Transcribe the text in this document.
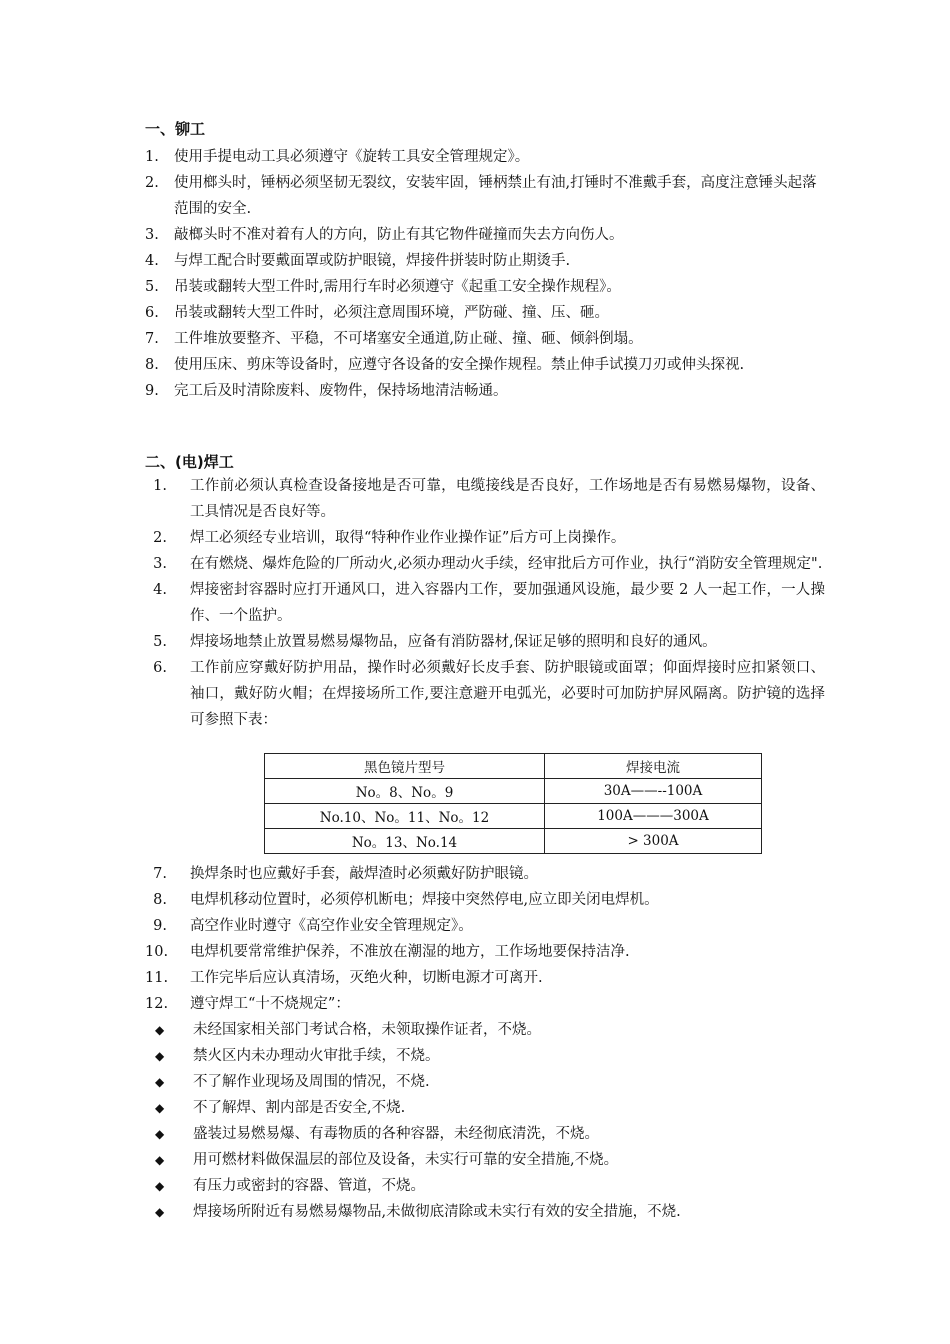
一、铆工
1. 使用手提电动工具必须遵守《旋转工具安全管理规定》。
2. 使用榔头时，锤柄必须坚韧无裂纹，安装牢固，锤柄禁止有油,打锤时不准戴手套，高度注意锤头起落范围的安全.
3. 敲榔头时不准对着有人的方向，防止有其它物件碰撞而失去方向伤人。
4. 与焊工配合时要戴面罩或防护眼镜，焊接件拼装时防止期烫手.
5. 吊装或翻转大型工件时,需用行车时必须遵守《起重工安全操作规程》。
6. 吊装或翻转大型工件时，必须注意周围环境，严防碰、撞、压、砸。
7. 工件堆放要整齐、平稳，不可堵塞安全通道,防止碰、撞、砸、倾斜倒塌。
8. 使用压床、剪床等设备时，应遵守各设备的安全操作规程。禁止伸手试摸刀刃或伸头探视.
9. 完工后及时清除废料、废物件，保持场地清洁畅通。
二、(电)焊工
1. 工作前必须认真检查设备接地是否可靠，电缆接线是否良好，工作场地是否有易燃易爆物，设备、工具情况是否良好等。
2. 焊工必须经专业培训，取得“特种作业作业操作证”后方可上岗操作。
3. 在有燃烧、爆炸危险的厂所动火,必须办理动火手续，经审批后方可作业，执行“消防安全管理规定".
4. 焊接密封容器时应打开通风口，进入容器内工作，要加强通风设施，最少要 2 人一起工作，一人操作、一个监护。
5. 焊接场地禁止放置易燃易爆物品，应备有消防器材,保证足够的照明和良好的通风。
6. 工作前应穿戴好防护用品，操作时必须戴好长皮手套、防护眼镜或面罩；仰面焊接时应扣紧领口、袖口，戴好防火帽；在焊接场所工作,要注意避开电弧光，必要时可加防护屏风隔离。防护镜的选择可参照下表：
黑色镜片型号	焊接电流
No。8、No。9	30A——--100A
No.10、No。11、No。12	100A———300A
No。13、No.14	> 300A
7. 换焊条时也应戴好手套，敲焊渣时必须戴好防护眼镜。
8. 电焊机移动位置时，必须停机断电；焊接中突然停电,应立即关闭电焊机。
9. 高空作业时遵守《高空作业安全管理规定》。
10. 电焊机要常常维护保养，不准放在潮湿的地方，工作场地要保持洁净.
11. 工作完毕后应认真清场，灭绝火种，切断电源才可离开.
12. 遵守焊工“十不烧规定”：
◆ 未经国家相关部门考试合格，未领取操作证者，不烧。
◆ 禁火区内未办理动火审批手续，不烧。
◆ 不了解作业现场及周围的情况，不烧.
◆ 不了解焊、割内部是否安全,不烧.
◆ 盛装过易燃易爆、有毒物质的各种容器，未经彻底清洗，不烧。
◆ 用可燃材料做保温层的部位及设备，未实行可靠的安全措施,不烧。
◆ 有压力或密封的容器、管道，不烧。
◆ 焊接场所附近有易燃易爆物品,未做彻底清除或未实行有效的安全措施，不烧.
